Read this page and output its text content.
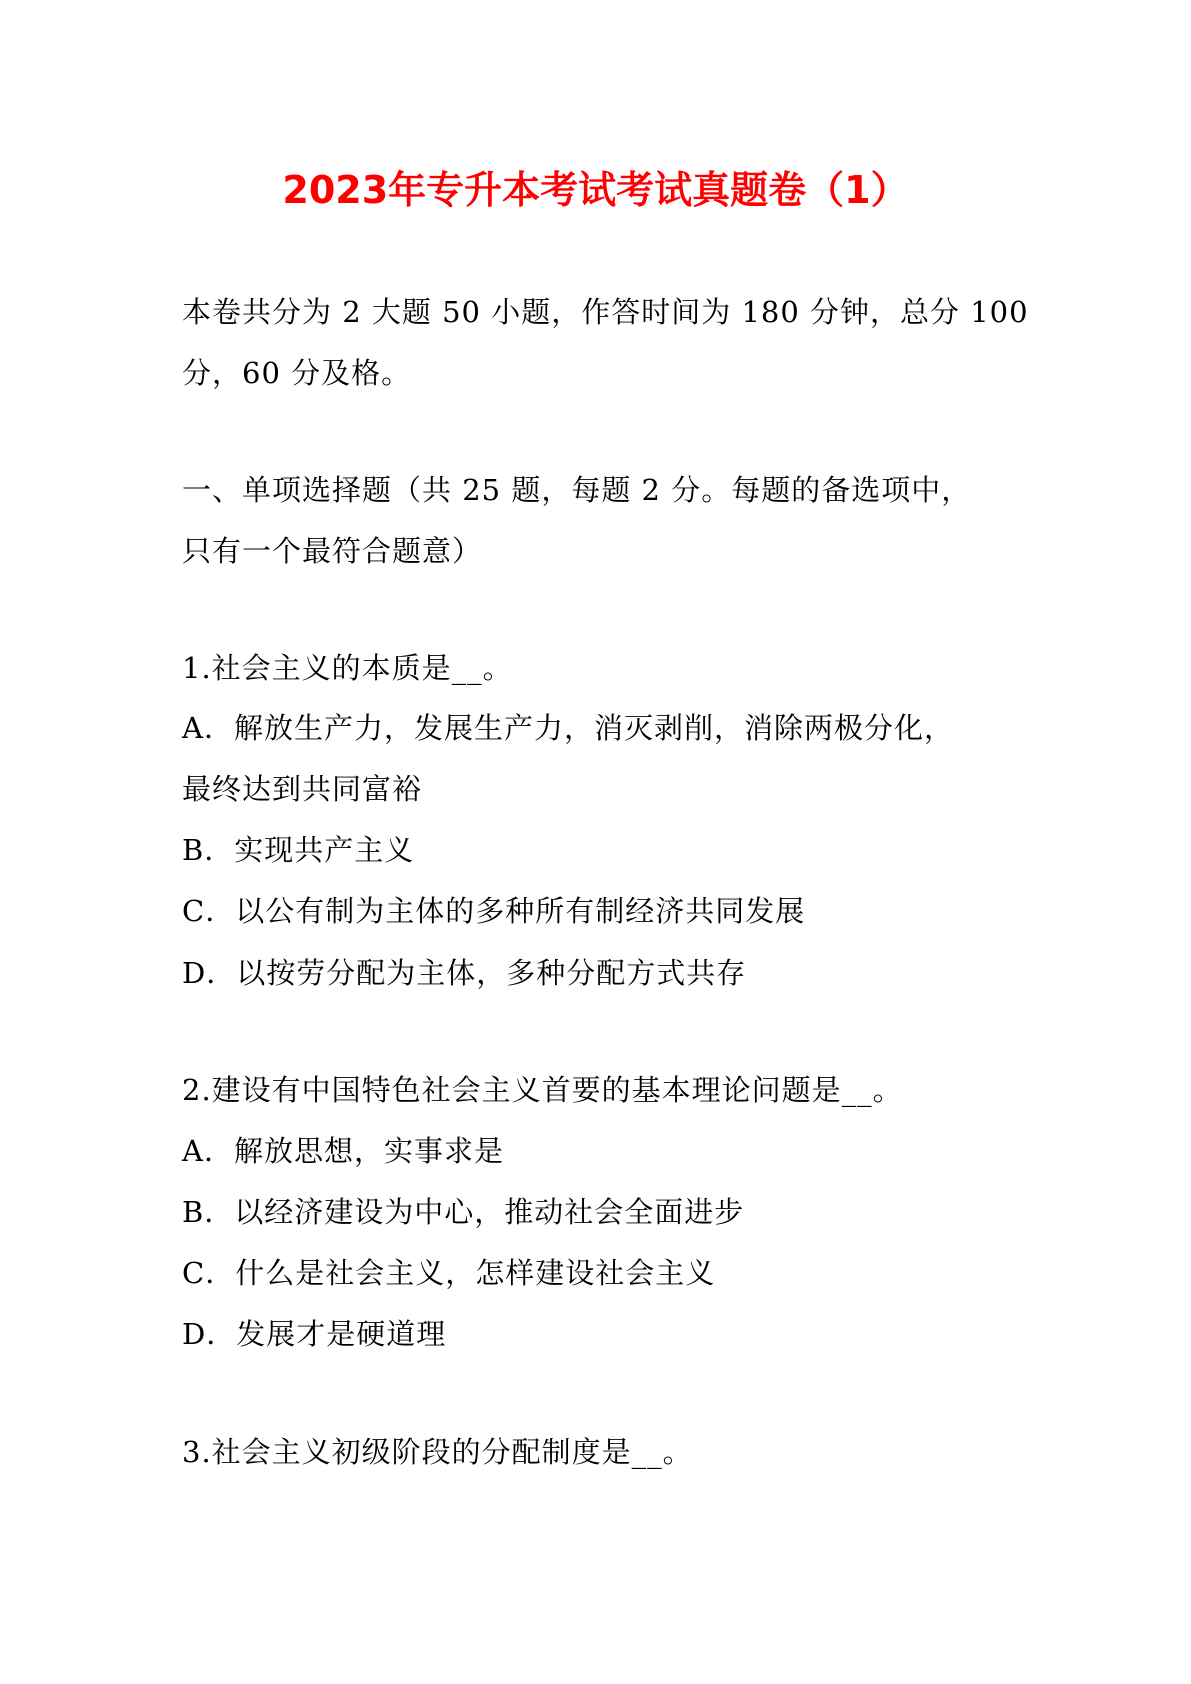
2023年专升本考试考试真题卷（1）
本卷共分为 2 大题 50 小题，作答时间为 180 分钟，总分 100
分，60 分及格。
一、单项选择题（共 25 题，每题 2 分。每题的备选项中，
只有一个最符合题意）
1.社会主义的本质是__。
A．解放生产力，发展生产力，消灭剥削，消除两极分化，
最终达到共同富裕
B．实现共产主义
C．以公有制为主体的多种所有制经济共同发展
D．以按劳分配为主体，多种分配方式共存
2.建设有中国特色社会主义首要的基本理论问题是__。
A．解放思想，实事求是
B．以经济建设为中心，推动社会全面进步
C．什么是社会主义，怎样建设社会主义
D．发展才是硬道理
3.社会主义初级阶段的分配制度是__。
